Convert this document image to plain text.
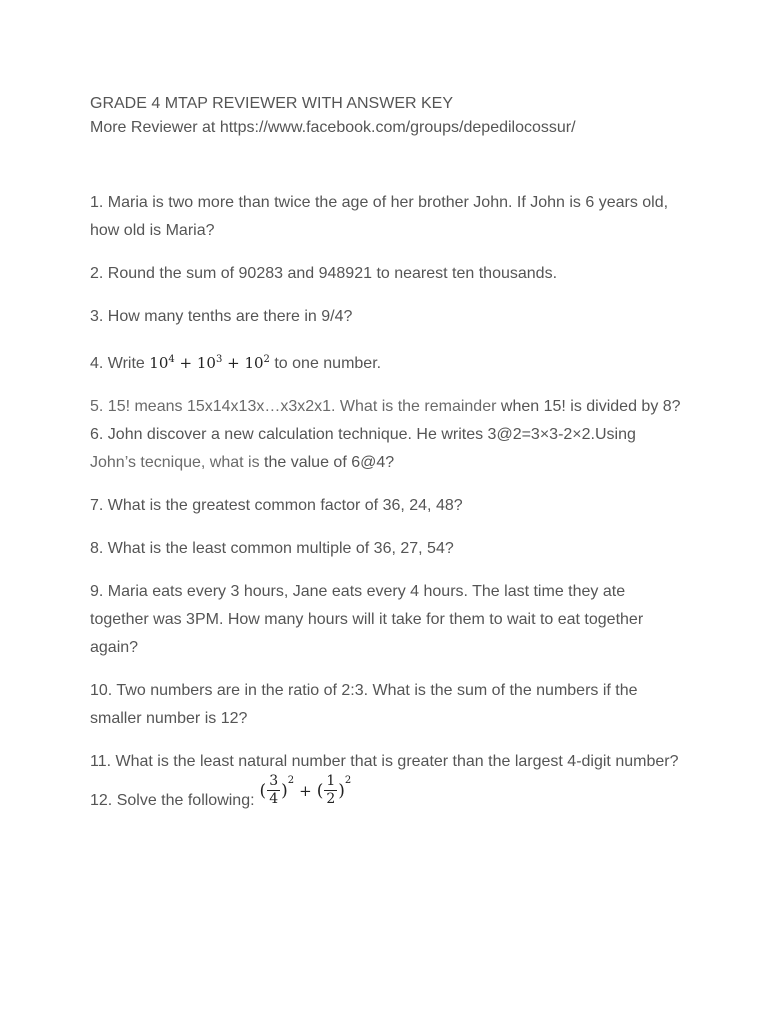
GRADE 4 MTAP REVIEWER WITH ANSWER KEY

More Reviewer at https://www.facebook.com/groups/depedilocossur/

1. Maria is two more than twice the age of her brother John. If John is 6 years old, how old is Maria?

2. Round the sum of 90283 and 948921 to nearest ten thousands.

3. How many tenths are there in 9/4?

4. Write $10^4 + 10^3 + 10^2$ to one number.

5. 15! means 15x14x13x…x3x2x1. What is the remainder when 15! is divided by 8?

6. John discover a new calculation technique. He writes 3@2=3×3-2×2.Using
John’s tecnique, what is the value of 6@4?

7. What is the greatest common factor of 36, 24, 48?

8. What is the least common multiple of 36, 27, 54?

9. Maria eats every 3 hours, Jane eats every 4 hours. The last time they ate together was 3PM. How many hours will it take for them to wait to eat together again?

10. Two numbers are in the ratio of 2:3. What is the sum of the numbers if the smaller number is 12?

11. What is the least natural number that is greater than the largest 4-digit number?

12. Solve the following: ( $\frac{3}{4}$ )
$^2$
+ ( $\frac{1}{2}$ )
$^2$
